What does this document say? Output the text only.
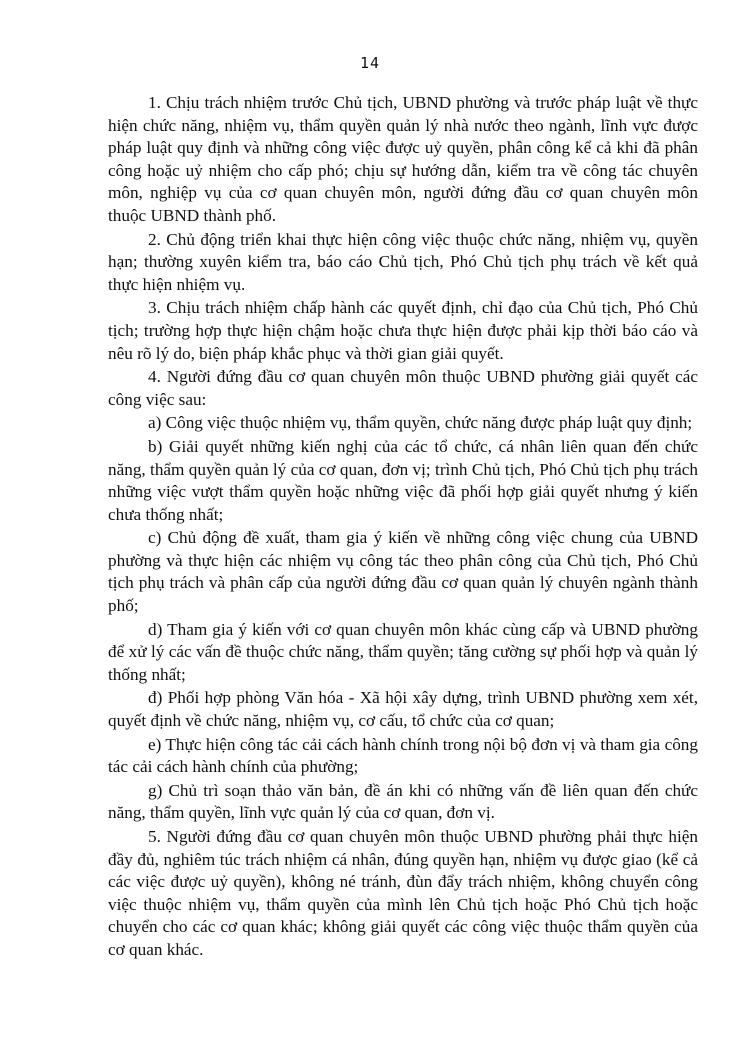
14

1. Chịu trách nhiệm trước Chủ tịch, UBND phường và trước pháp luật về thực hiện chức năng, nhiệm vụ, thẩm quyền quản lý nhà nước theo ngành, lĩnh vực được pháp luật quy định và những công việc được uỷ quyền, phân công kể cả khi đã phân công hoặc uỷ nhiệm cho cấp phó; chịu sự hướng dẫn, kiểm tra về công tác chuyên môn, nghiệp vụ của cơ quan chuyên môn, người đứng đầu cơ quan chuyên môn thuộc UBND thành phố.

2. Chủ động triển khai thực hiện công việc thuộc chức năng, nhiệm vụ, quyền hạn; thường xuyên kiểm tra, báo cáo Chủ tịch, Phó Chủ tịch phụ trách về kết quả thực hiện nhiệm vụ.

3. Chịu trách nhiệm chấp hành các quyết định, chỉ đạo của Chủ tịch, Phó Chủ tịch; trường hợp thực hiện chậm hoặc chưa thực hiện được phải kịp thời báo cáo và nêu rõ lý do, biện pháp khắc phục và thời gian giải quyết.

4. Người đứng đầu cơ quan chuyên môn thuộc UBND phường giải quyết các công việc sau:

a) Công việc thuộc nhiệm vụ, thẩm quyền, chức năng được pháp luật quy định;

b) Giải quyết những kiến nghị của các tổ chức, cá nhân liên quan đến chức năng, thẩm quyền quản lý của cơ quan, đơn vị; trình Chủ tịch, Phó Chủ tịch phụ trách những việc vượt thẩm quyền hoặc những việc đã phối hợp giải quyết nhưng ý kiến chưa thống nhất;

c) Chủ động đề xuất, tham gia ý kiến về những công việc chung của UBND phường và thực hiện các nhiệm vụ công tác theo phân công của Chủ tịch, Phó Chủ tịch phụ trách và phân cấp của người đứng đầu cơ quan quản lý chuyên ngành thành phố;

d) Tham gia ý kiến với cơ quan chuyên môn khác cùng cấp và UBND phường để xử lý các vấn đề thuộc chức năng, thẩm quyền; tăng cường sự phối hợp và quản lý thống nhất;

đ) Phối hợp phòng Văn hóa - Xã hội xây dựng, trình UBND phường xem xét, quyết định về chức năng, nhiệm vụ, cơ cấu, tổ chức của cơ quan;

e) Thực hiện công tác cải cách hành chính trong nội bộ đơn vị và tham gia công tác cải cách hành chính của phường;

g) Chủ trì soạn thảo văn bản, đề án khi có những vấn đề liên quan đến chức năng, thẩm quyền, lĩnh vực quản lý của cơ quan, đơn vị.

5. Người đứng đầu cơ quan chuyên môn thuộc UBND phường phải thực hiện đầy đủ, nghiêm túc trách nhiệm cá nhân, đúng quyền hạn, nhiệm vụ được giao (kể cả các việc được uỷ quyền), không né tránh, đùn đẩy trách nhiệm, không chuyển công việc thuộc nhiệm vụ, thẩm quyền của mình lên Chủ tịch hoặc Phó Chủ tịch hoặc chuyển cho các cơ quan khác; không giải quyết các công việc thuộc thẩm quyền của cơ quan khác.
